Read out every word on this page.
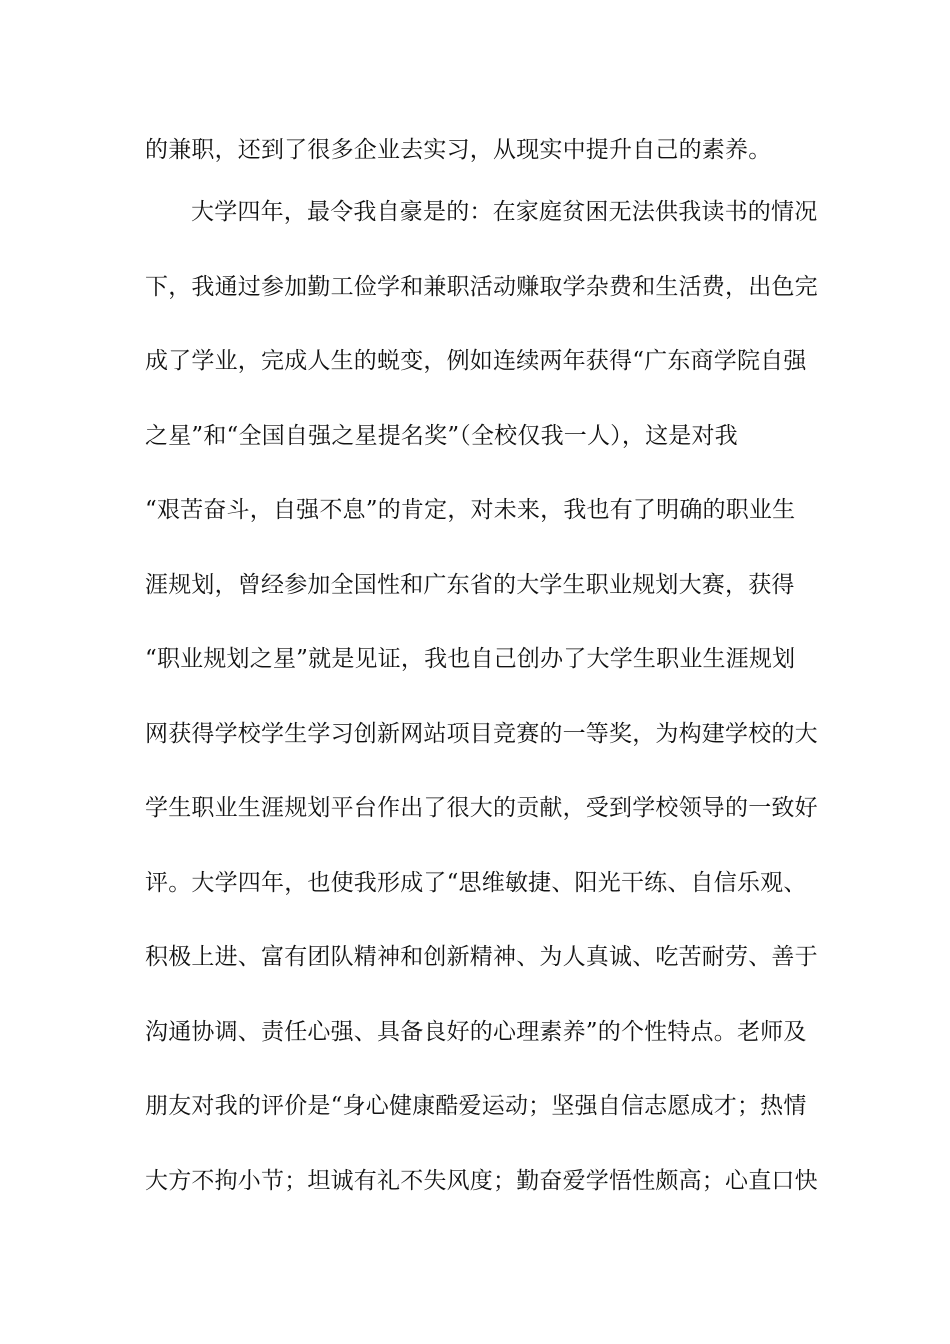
的兼职，还到了很多企业去实习，从现实中提升自己的素养。
大学四年，最令我自豪是的：在家庭贫困无法供我读书的情况
下，我通过参加勤工俭学和兼职活动赚取学杂费和生活费，出色完
成了学业，完成人生的蜕变，例如连续两年获得“广东商学院自强
之星”和“全国自强之星提名奖”（全校仅我一人），这是对我
“艰苦奋斗，自强不息”的肯定，对未来，我也有了明确的职业生
涯规划，曾经参加全国性和广东省的大学生职业规划大赛，获得
“职业规划之星”就是见证，我也自己创办了大学生职业生涯规划
网获得学校学生学习创新网站项目竞赛的一等奖，为构建学校的大
学生职业生涯规划平台作出了很大的贡献，受到学校领导的一致好
评。大学四年，也使我形成了“思维敏捷、阳光干练、自信乐观、
积极上进、富有团队精神和创新精神、为人真诚、吃苦耐劳、善于
沟通协调、责任心强、具备良好的心理素养”的个性特点。老师及
朋友对我的评价是“身心健康酷爱运动；坚强自信志愿成才；热情
大方不拘小节；坦诚有礼不失风度；勤奋爱学悟性颇高；心直口快
